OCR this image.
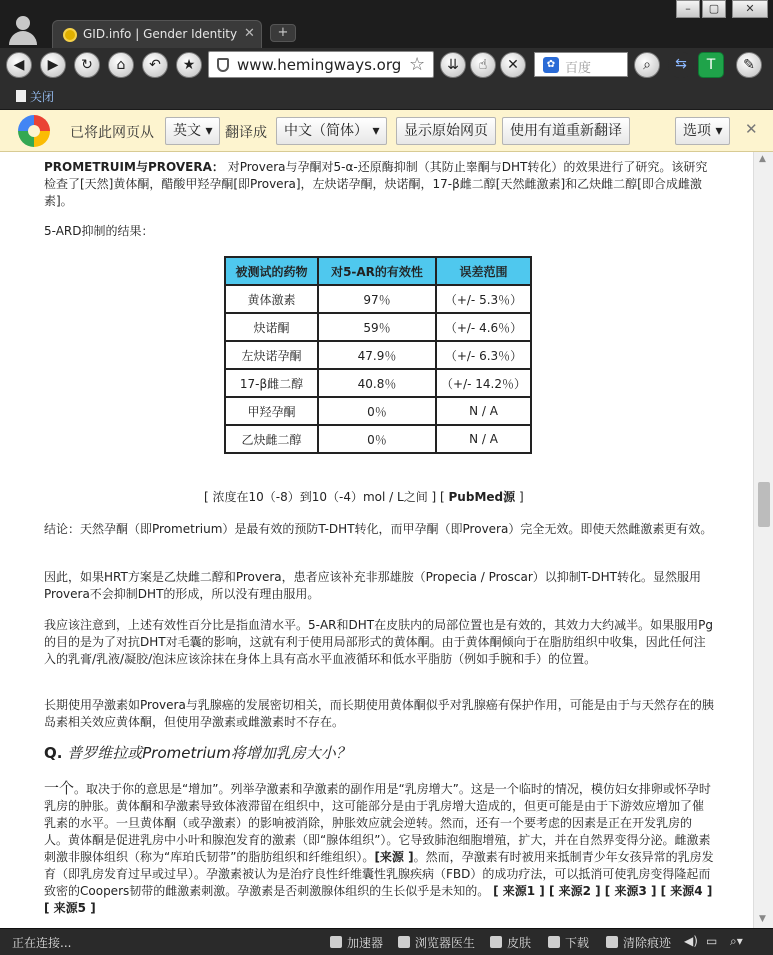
GID.info | Gender Identity ✕	+
–	▢	✕
◀	▶	↻	⌂	↶	★	www.hemingways.org ☆	⇊	☝	✕	✿ 百度	⌕	⇆	T	✎
关闭
已将此网页从	英文 ▾ 翻译成	中文（简体） ▾	显示原始网页	使用有道重新翻译	选项 ▾	✕
PROMETRUIM与PROVERA： 对Provera与孕酮对5-α-还原酶抑制（其防止睾酮与DHT转化）的效果进行了研究。该研究检查了[天然]黄体酮，醋酸甲羟孕酮[即Provera]，左炔诺孕酮，炔诺酮，17-β雌二醇[天然雌激素]和乙炔雌二醇[即合成雌激素]。
5-ARD抑制的结果：
被测试的药物	对5-AR的有效性	误差范围
黄体激素	97％	（+/- 5.3％）
炔诺酮	59％	（+/- 4.6％）
左炔诺孕酮	47.9％	（+/- 6.3％）
17-β雌二醇	40.8％	（+/- 14.2％）
甲羟孕酮	0％	N / A
乙炔雌二醇	0％	N / A
[ 浓度在10（-8）到10（-4）mol / L之间 ] [ PubMed源 ]
结论：天然孕酮（即Prometrium）是最有效的预防T-DHT转化，而甲孕酮（即Provera）完全无效。即使天然雌激素更有效。
因此，如果HRT方案是乙炔雌二醇和Provera，患者应该补充非那雄胺（Propecia / Proscar）以抑制T-DHT转化。显然服用Provera不会抑制DHT的形成，所以没有理由服用。
我应该注意到，上述有效性百分比是指血清水平。5-AR和DHT在皮肤内的局部位置也是有效的，其效力大约减半。如果服用Pg的目的是为了对抗DHT对毛囊的影响，这就有利于使用局部形式的黄体酮。由于黄体酮倾向于在脂肪组织中收集，因此任何注入的乳膏/乳液/凝胶/泡沫应该涂抹在身体上具有高水平血液循环和低水平脂肪（例如手腕和手）的位置。
长期使用孕激素如Provera与乳腺癌的发展密切相关，而长期使用黄体酮似乎对乳腺癌有保护作用，可能是由于与天然存在的胰岛素相关效应黄体酮，但使用孕激素或雌激素时不存在。
Q. 普罗维拉或Prometrium将增加乳房大小？
一个。取决于你的意思是“增加”。列举孕激素和孕激素的副作用是“乳房增大”。这是一个临时的情况，模仿妇女排卵或怀孕时乳房的肿胀。黄体酮和孕激素导致体液滞留在组织中，这可能部分是由于乳房增大造成的，但更可能是由于下游效应增加了催乳素的水平。一旦黄体酮（或孕激素）的影响被消除，肿胀效应就会逆转。然而，还有一个要考虑的因素是正在开发乳房的人。黄体酮是促进乳房中小叶和腺泡发育的激素（即“腺体组织”）。它导致肺泡细胞增殖，扩大，并在自然界变得分泌。雌激素刺激非腺体组织（称为“库珀氏韧带”的脂肪组织和纤维组织）。[来源 ]。然而，孕激素有时被用来抵制青少年女孩异常的乳房发育（即乳房发育过早或过早）。孕激素被认为是治疗良性纤维囊性乳腺疾病（FBD）的成功疗法，可以抵消可使乳房变得隆起而致密的Coopers韧带的雌激素刺激。孕激素是否刺激腺体组织的生长似乎是未知的。 [ 来源1 ] [ 来源2 ] [ 来源3 ] [ 来源4 ] [ 来源5 ]
▲
▼
正在连接...	加速器	浏览器医生	皮肤	下载	清除痕迹 ◀) ▭ ⌕▾
